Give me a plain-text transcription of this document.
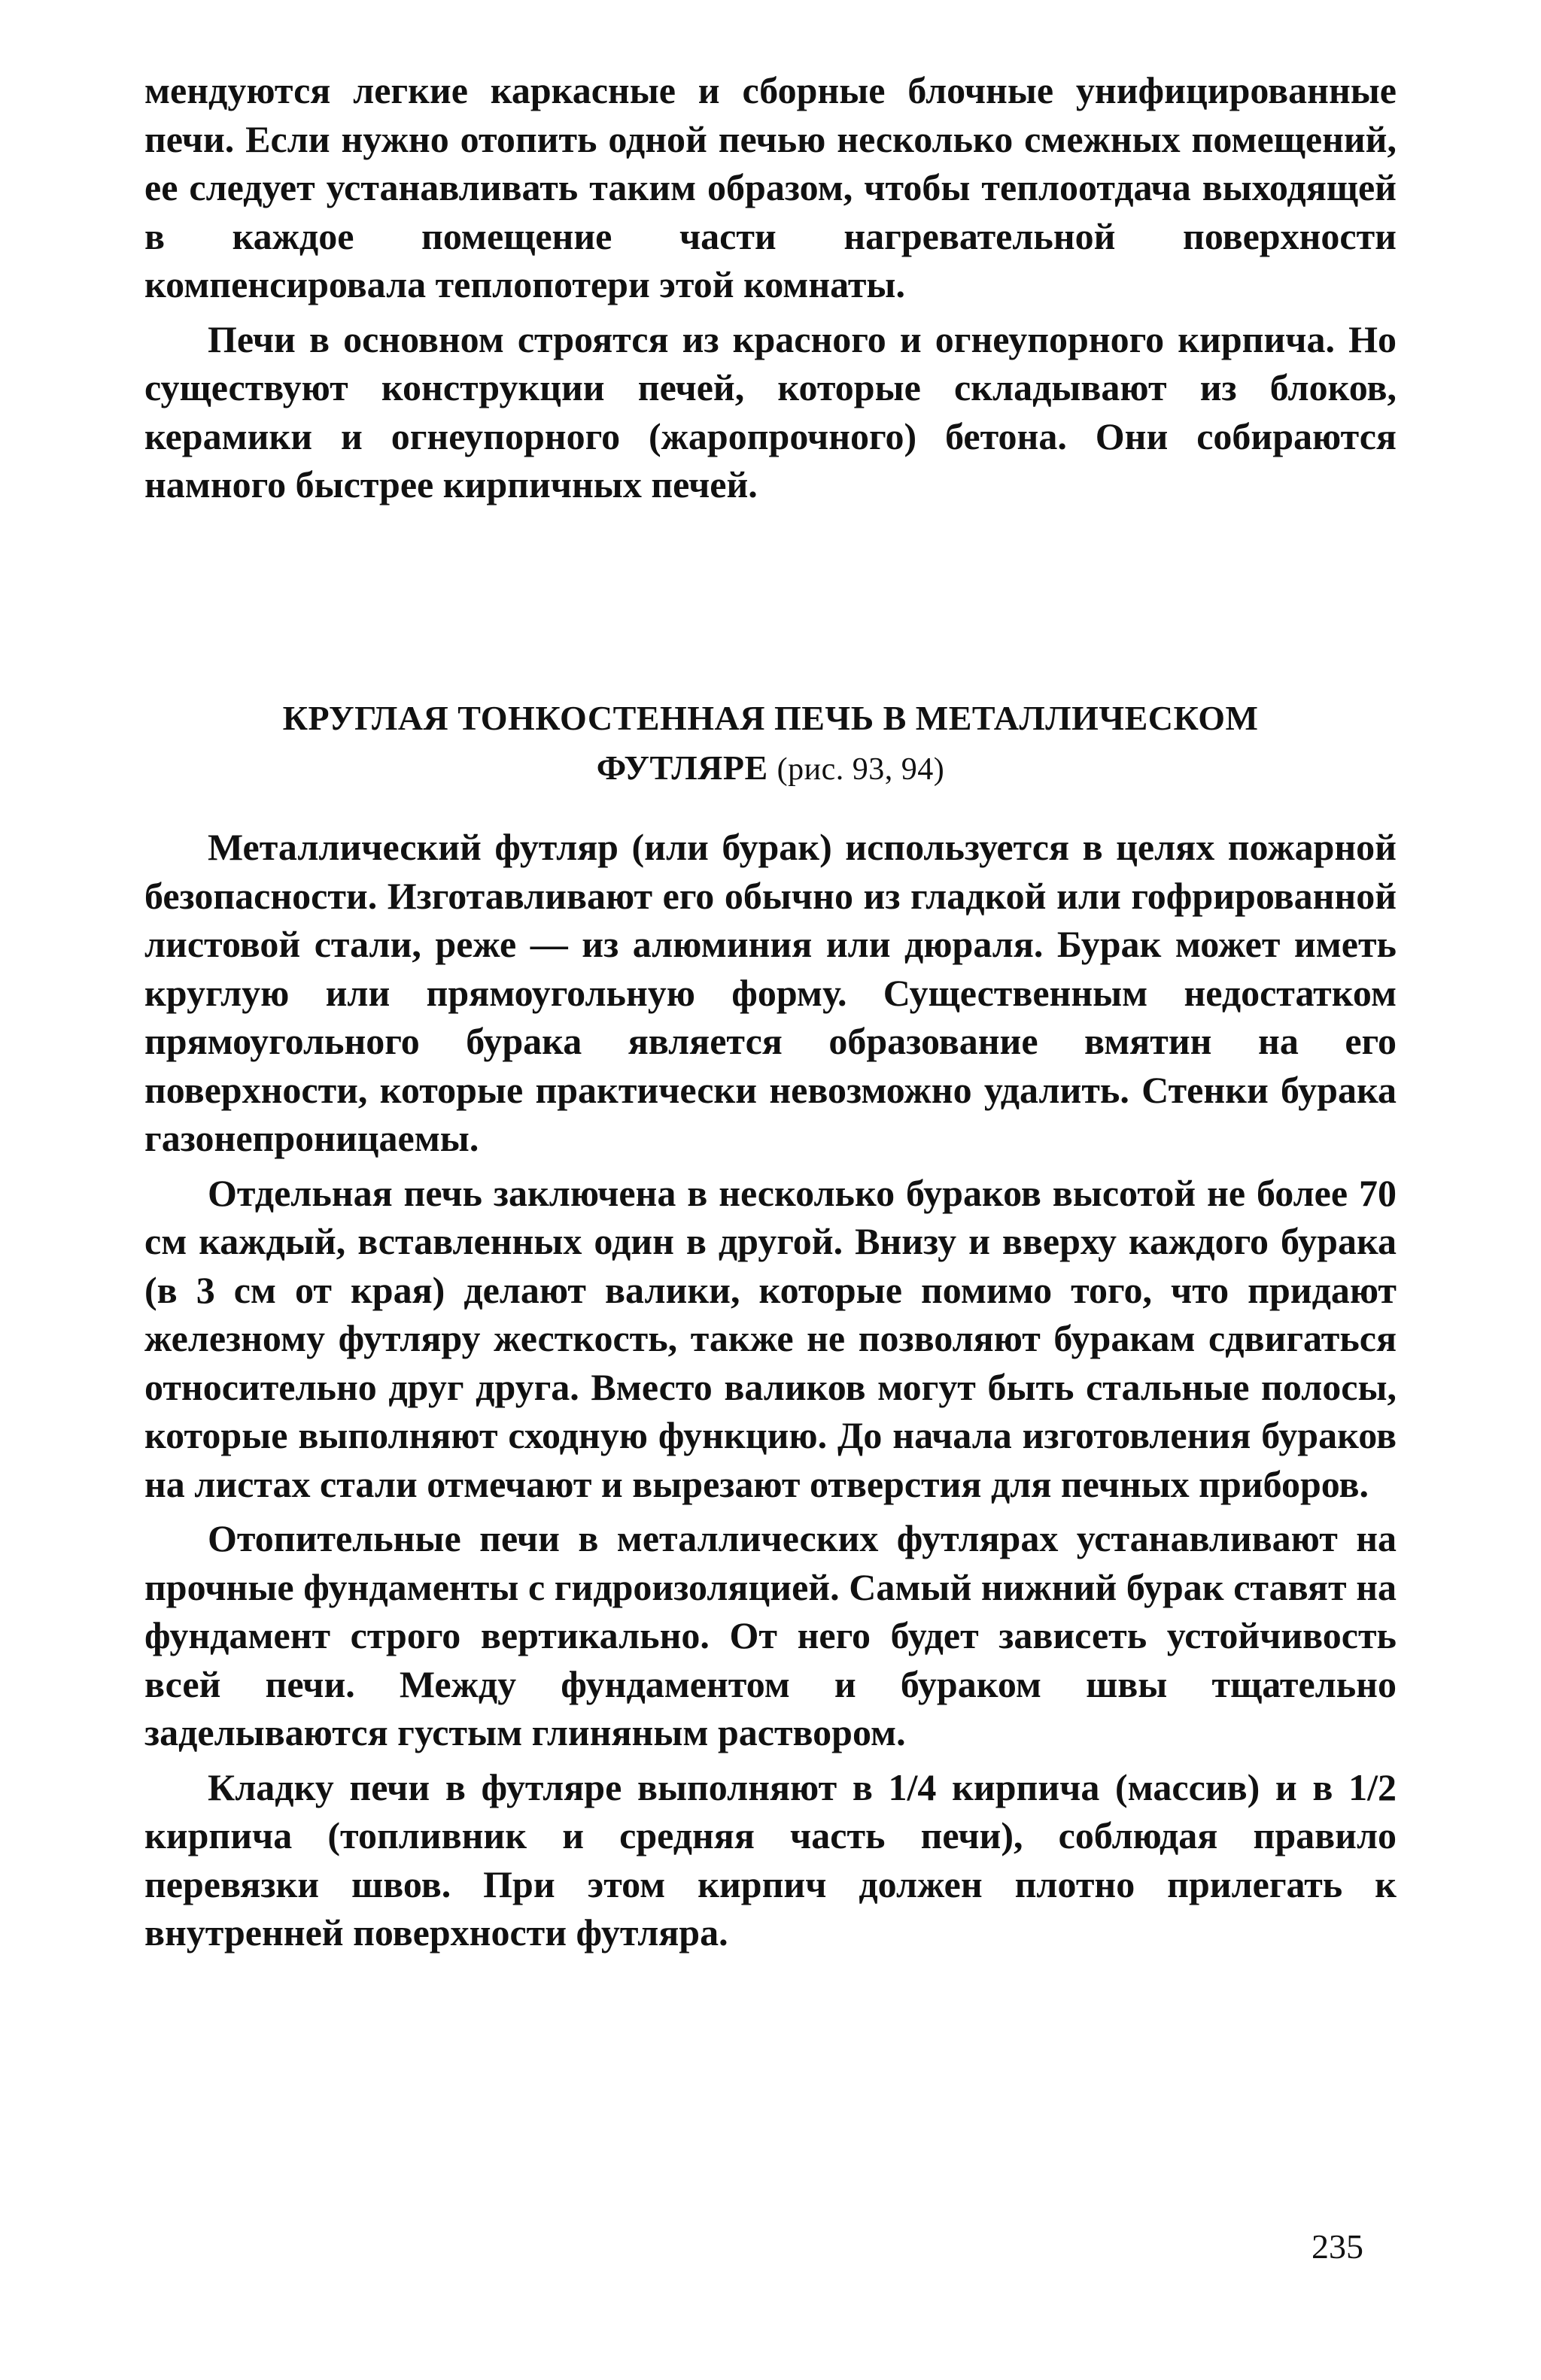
мендуются легкие каркасные и сборные блочные унифицированные печи. Если нужно отопить одной печью несколько смежных помещений, ее следует устанавливать таким образом, чтобы теплоотдача выходящей в каждое помещение части нагревательной поверхности компенсировала теплопотери этой комнаты.

Печи в основном строятся из красного и огнеупорного кирпича. Но существуют конструкции печей, которые складывают из блоков, керамики и огнеупорного (жаропрочного) бетона. Они собираются намного быстрее кирпичных печей.

КРУГЛАЯ ТОНКОСТЕННАЯ ПЕЧЬ В МЕТАЛЛИЧЕСКОМ
ФУТЛЯРЕ (рис. 93, 94)

Металлический футляр (или бурак) используется в целях пожарной безопасности. Изготавливают его обычно из гладкой или гофрированной листовой стали, реже — из алюминия или дюраля. Бурак может иметь круглую или прямоугольную форму. Существенным недостатком прямоугольного бурака является образование вмятин на его поверхности, которые практически невозможно удалить. Стенки бурака газонепроницаемы.

Отдельная печь заключена в несколько бураков высотой не более 70 см каждый, вставленных один в другой. Внизу и вверху каждого бурака (в 3 см от края) делают валики, которые помимо того, что придают железному футляру жесткость, также не позволяют буракам сдвигаться относительно друг друга. Вместо валиков могут быть стальные полосы, которые выполняют сходную функцию. До начала изготовления бураков на листах стали отмечают и вырезают отверстия для печных приборов.

Отопительные печи в металлических футлярах устанавливают на прочные фундаменты с гидроизоляцией. Самый нижний бурак ставят на фундамент строго вертикально. От него будет зависеть устойчивость всей печи. Между фундаментом и бураком швы тщательно заделываются густым глиняным раствором.

Кладку печи в футляре выполняют в 1/4 кирпича (массив) и в 1/2 кирпича (топливник и средняя часть печи), соблюдая правило перевязки швов. При этом кирпич должен плотно прилегать к внутренней поверхности футляра.

235
